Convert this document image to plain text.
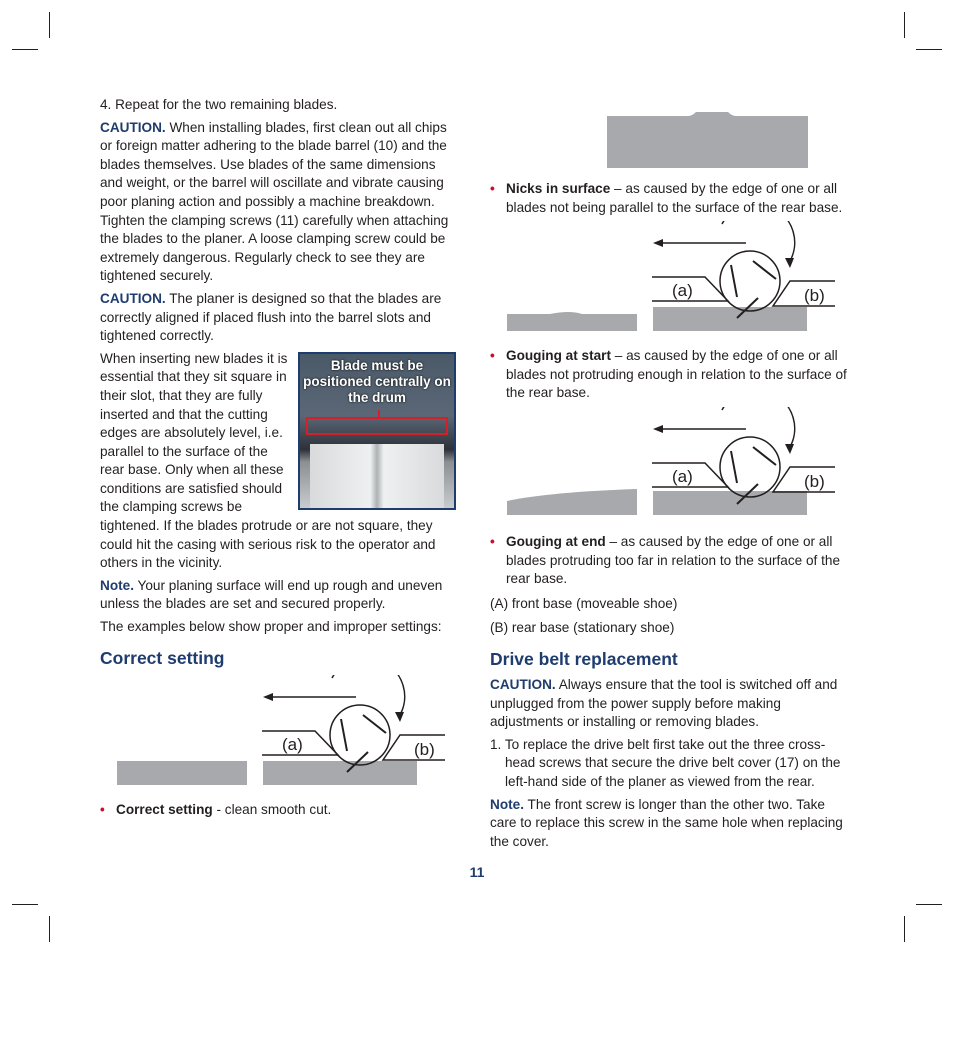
4. Repeat for the two remaining blades.

CAUTION. When installing blades, first clean out all chips or foreign matter adhering to the blade barrel (10) and the blades themselves. Use blades of the same dimensions and weight, or the barrel will oscillate and vibrate causing poor planing action and possibly a machine breakdown. Tighten the clamping screws (11) carefully when attaching the blades to the planer. A loose clamping screw could be extremely dangerous. Regularly check to see they are tightened securely.

CAUTION. The planer is designed so that the blades are correctly aligned if placed flush into the barrel slots and tightened correctly.

Blade must be positioned centrally on the drum

When inserting new blades it is essential that they sit square in their slot, that they are fully inserted and that the cutting edges are absolutely level, i.e. parallel to the surface of the rear base. Only when all these conditions are satisfied should the clamping screws be tightened. If the blades protrude or are not square, they could hit the casing with serious risk to the operator and others in the vicinity.

Note. Your planing surface will end up rough and uneven unless the blades are set and secured properly.

The examples below show proper and improper settings:

Correct setting
(a)	(b)
• Correct setting - clean smooth cut.
• Nicks in surface – as caused by the edge of one or all blades not being parallel to the surface of the rear base.
(a)	(b)
• Gouging at start – as caused by the edge of one or all blades not protruding enough in relation to the surface of the rear base.
(a)	(b)
• Gouging at end – as caused by the edge of one or all blades protruding too far in relation to the surface of the rear base.

(A) front base (moveable shoe)

(B) rear base (stationary shoe)

Drive belt replacement

CAUTION. Always ensure that the tool is switched off and unplugged from the power supply before making adjustments or installing or removing blades.

1. To replace the drive belt first take out the three cross-head screws that secure the drive belt cover (17) on the left-hand side of the planer as viewed from the rear.

Note. The front screw is longer than the other two. Take care to replace this screw in the same hole when replacing the cover.

11
